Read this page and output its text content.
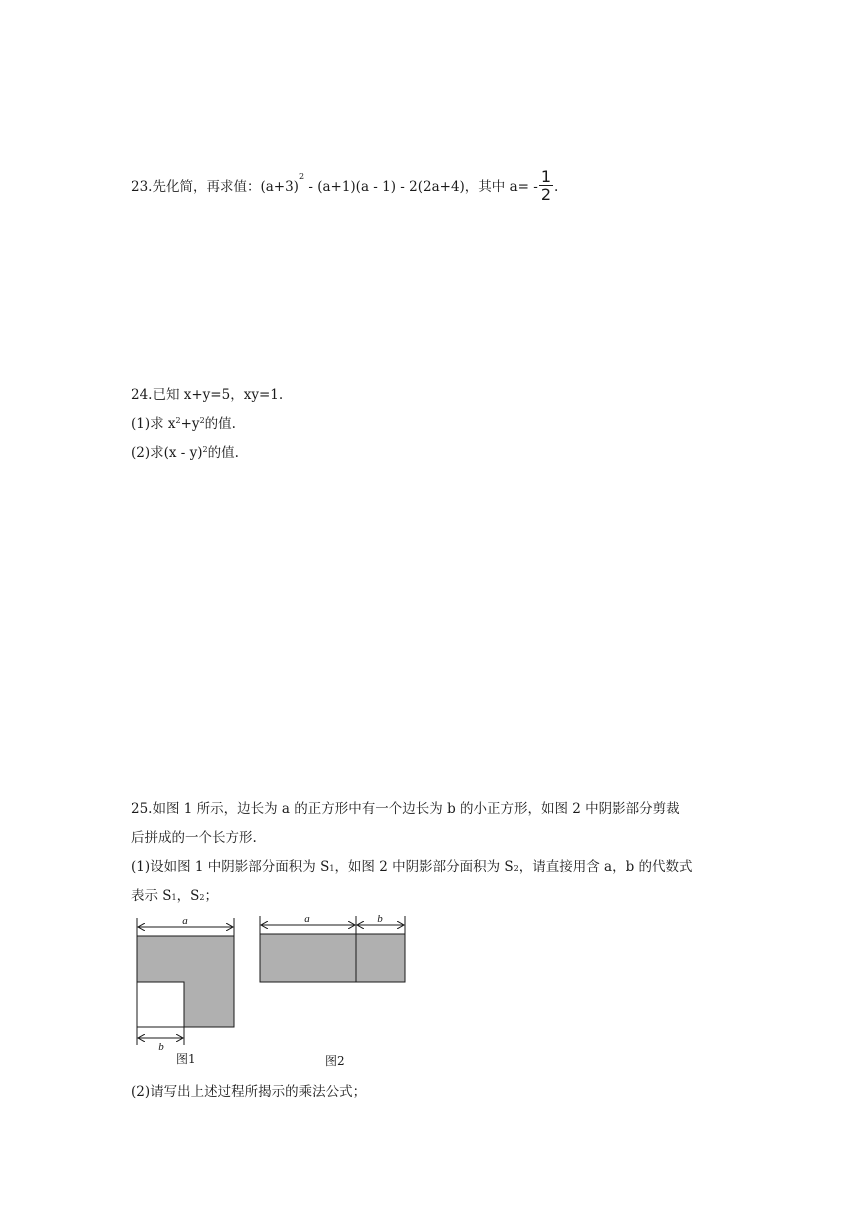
23.先化简，再求值：$(a+3)^2 - (a+1)(a - 1) - 2(2a+4)$，其中 $a= - \frac{1}{2}$ .
24.已知 x+y=5，xy=1.
(1)求 $x^2+y^2$的值.
(2)求(x - y)$^2$的值.
25.如图 1 所示，边长为 a 的正方形中有一个边长为 b 的小正方形，如图 2 中阴影部分剪裁
后拼成的一个长方形.
(1)设如图 1 中阴影部分面积为 $S_1$，如图 2 中阴影部分面积为 $S_2$，请直接用含 a，b 的代数式
表示 $S_1$，$S_2$；
a
b
图1
a	b
图2
(2)请写出上述过程所揭示的乘法公式；
